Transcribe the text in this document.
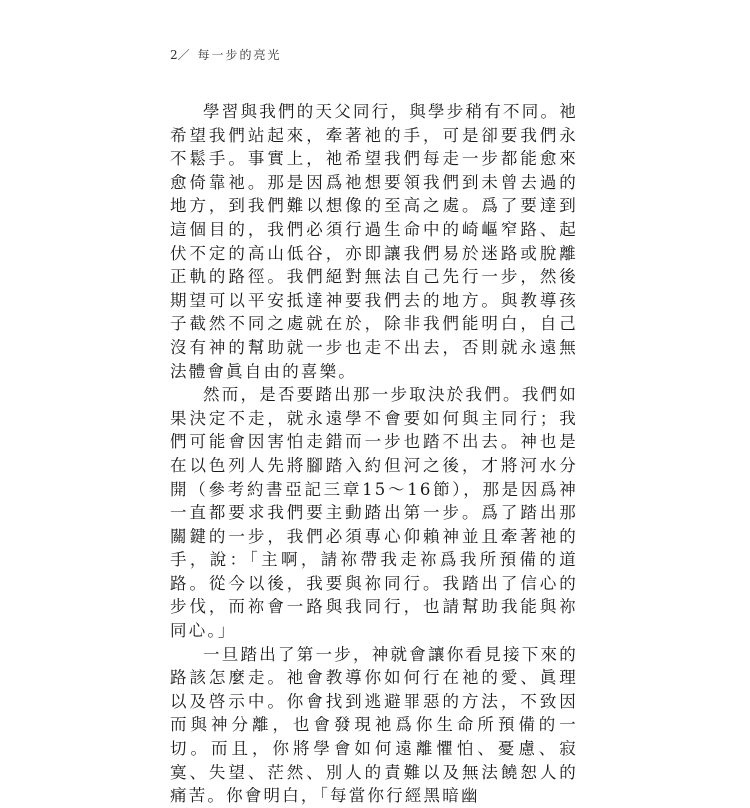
2／ 每一步的亮光

學習與我們的天父同行，與學步稍有不同。祂希望我們站起來，牽著祂的手，可是卻要我們永不鬆手。事實上，祂希望我們每走一步都能愈來愈倚靠祂。那是因爲祂想要領我們到未曾去過的地方，到我們難以想像的至高之處。爲了要達到這個目的，我們必須行過生命中的崎嶇窄路、起伏不定的高山低谷，亦即讓我們易於迷路或脫離正軌的路徑。我們絕對無法自己先行一步，然後期望可以平安抵達神要我們去的地方。與教導孩子截然不同之處就在於，除非我們能明白，自己沒有神的幫助就一步也走不出去，否則就永遠無法體會眞自由的喜樂。

然而，是否要踏出那一步取決於我們。我們如果決定不走，就永遠學不會要如何與主同行；我們可能會因害怕走錯而一步也踏不出去。神也是在以色列人先將腳踏入約但河之後，才將河水分開（參考約書亞記三章15～16節），那是因爲神一直都要求我們要主動踏出第一步。爲了踏出那關鍵的一步，我們必須專心仰賴神並且牽著祂的手，說：「主啊，請祢帶我走祢爲我所預備的道路。從今以後，我要與祢同行。我踏出了信心的步伐，而祢會一路與我同行，也請幫助我能與祢同心。」

一旦踏出了第一步，神就會讓你看見接下來的路該怎麼走。祂會教導你如何行在祂的愛、眞理以及啓示中。你會找到逃避罪惡的方法，不致因而與神分離，也會發現祂爲你生命所預備的一切。而且，你將學會如何遠離懼怕、憂慮、寂寞、失望、茫然、別人的責難以及無法饒恕人的痛苦。你會明白，「每當你行經黑暗幽
